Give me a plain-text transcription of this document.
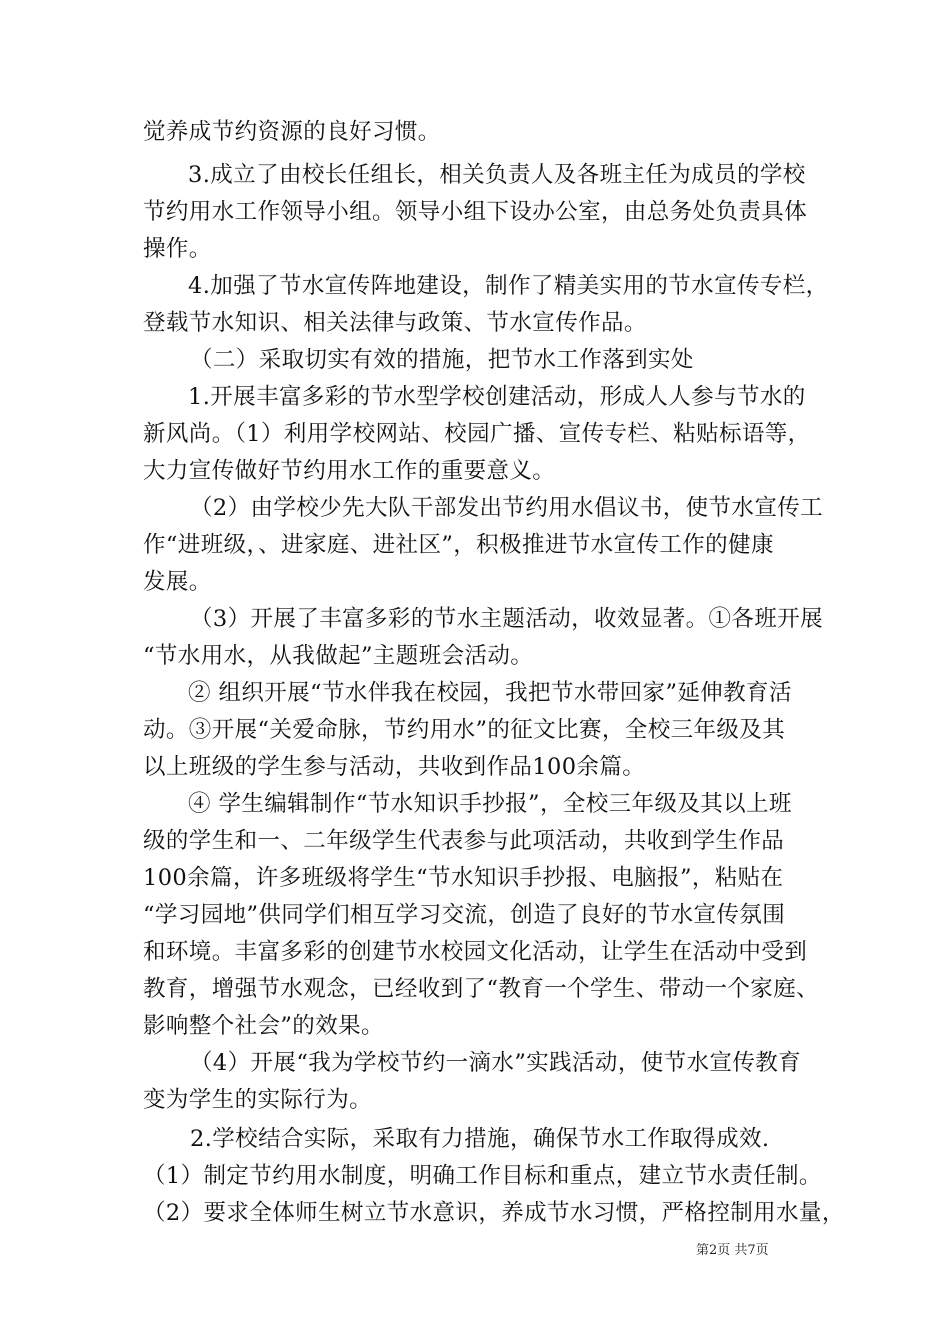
觉养成节约资源的良好习惯。
3.成立了由校长任组长，相关负责人及各班主任为成员的学校
节约用水工作领导小组。领导小组下设办公室，由总务处负责具体
操作。
4.加强了节水宣传阵地建设，制作了精美实用的节水宣传专栏，
登载节水知识、相关法律与政策、节水宣传作品。
（二）采取切实有效的措施，把节水工作落到实处
1.开展丰富多彩的节水型学校创建活动，形成人人参与节水的
新风尚。（1）利用学校网站、校园广播、宣传专栏、粘贴标语等，
大力宣传做好节约用水工作的重要意义。
（2）由学校少先大队干部发出节约用水倡议书，使节水宣传工
作“进班级，、进家庭、进社区”，积极推进节水宣传工作的健康
发展。
（3）开展了丰富多彩的节水主题活动，收效显著。①各班开展
“节水用水，从我做起”主题班会活动。
② 组织开展“节水伴我在校园，我把节水带回家”延伸教育活
动。③开展“关爱命脉，节约用水”的征文比赛，全校三年级及其
以上班级的学生参与活动，共收到作品100余篇。
④ 学生编辑制作“节水知识手抄报”，全校三年级及其以上班
级的学生和一、二年级学生代表参与此项活动，共收到学生作品
100余篇，许多班级将学生“节水知识手抄报、电脑报”，粘贴在
“学习园地”供同学们相互学习交流，创造了良好的节水宣传氛围
和环境。丰富多彩的创建节水校园文化活动，让学生在活动中受到
教育，增强节水观念，已经收到了“教育一个学生、带动一个家庭、
影响整个社会”的效果。
（4）开展“我为学校节约一滴水”实践活动，使节水宣传教育
变为学生的实际行为。
2.学校结合实际，采取有力措施，确保节水工作取得成效.
（1）制定节约用水制度，明确工作目标和重点，建立节水责任制。
（2）要求全体师生树立节水意识，养成节水习惯，严格控制用水量，
第2页 共7页
